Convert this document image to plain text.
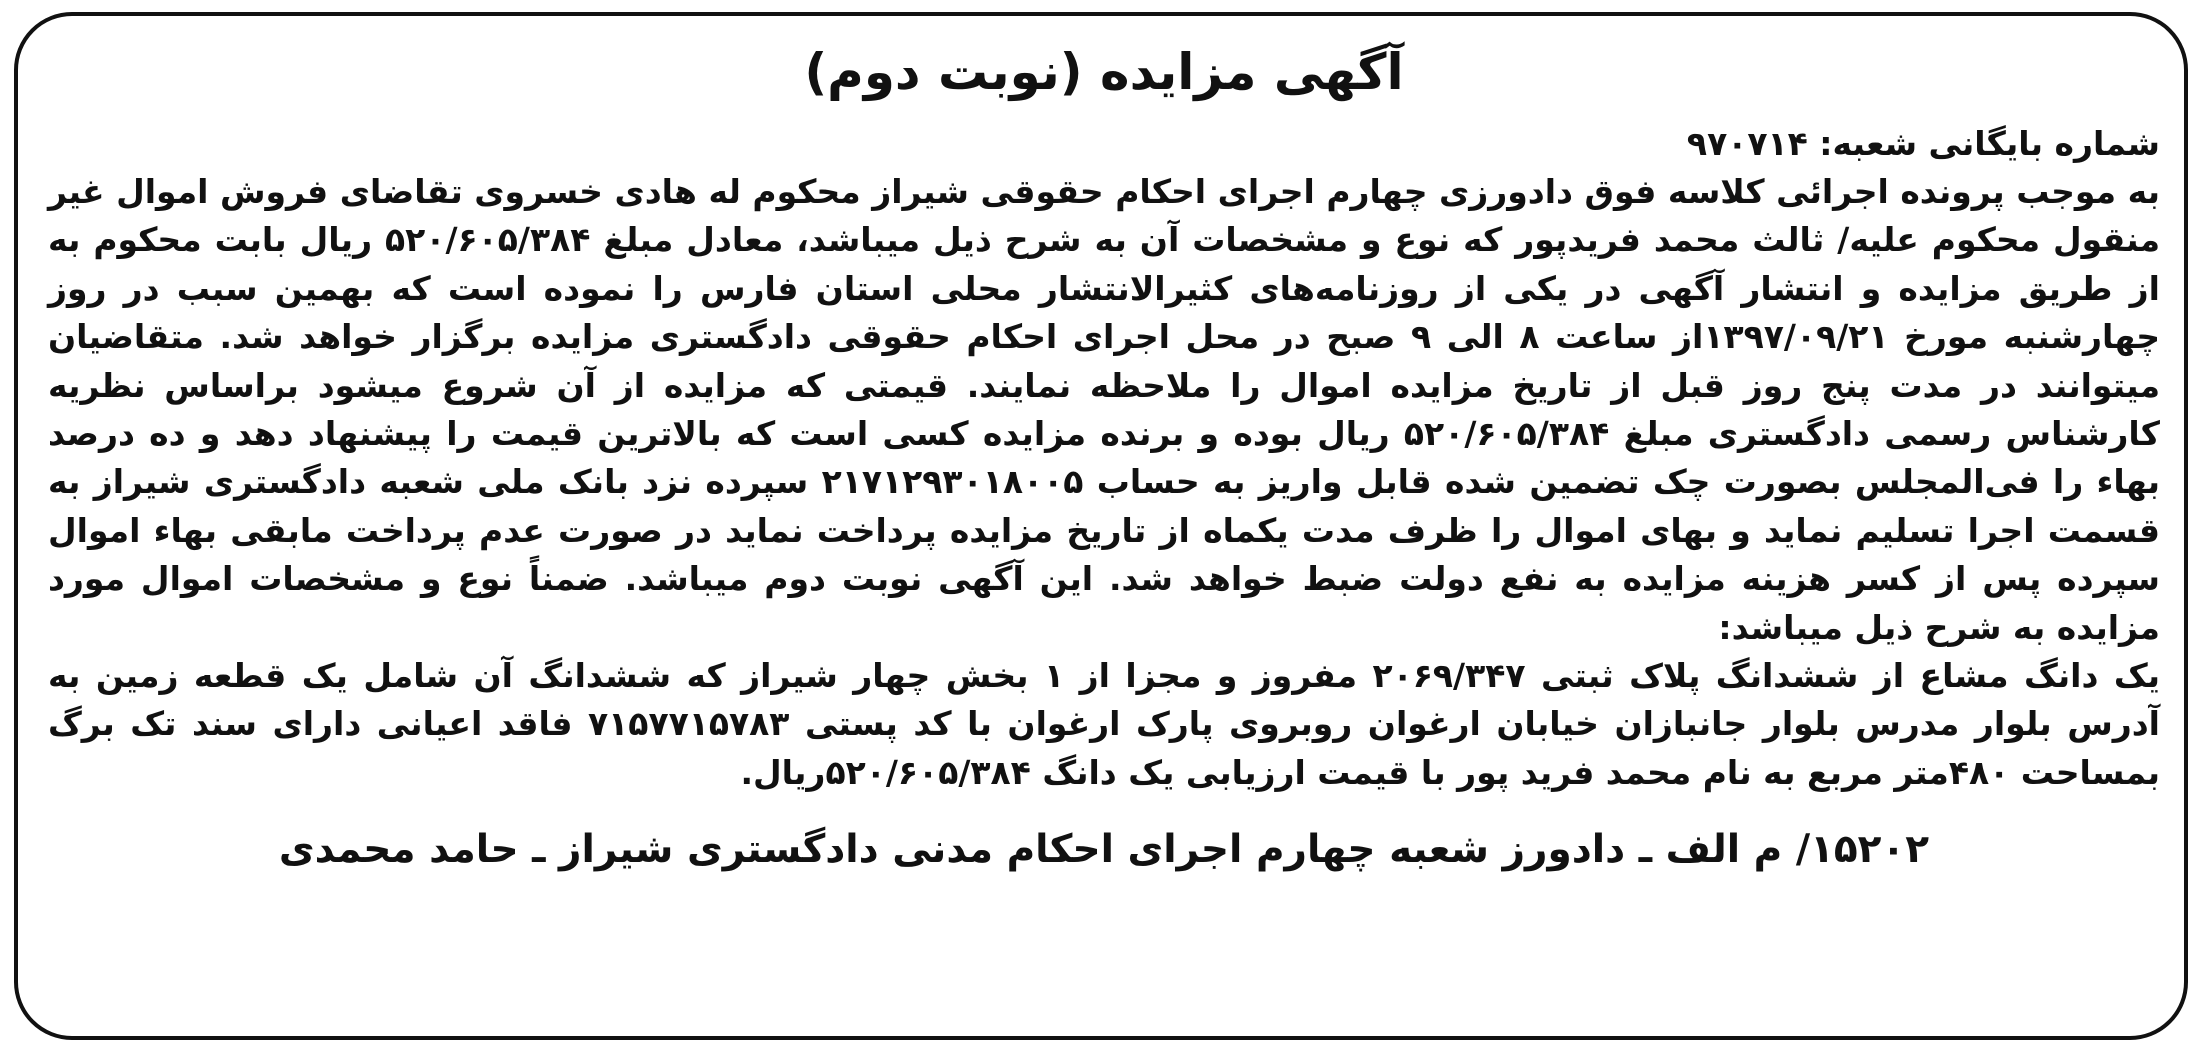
آگهی مزایده (نوبت دوم)

شماره بایگانی شعبه: ۹۷۰۷۱۴

به موجب پرونده اجرائی کلاسه فوق دادورزی چهارم اجرای احکام حقوقی شیراز محکوم له هادی خسروی تقاضای فروش اموال غیر منقول محکوم علیه/ ثالث محمد فریدپور که نوع و مشخصات آن به شرح ذیل میباشد، معادل مبلغ ۵۲۰/۶۰۵/۳۸۴ ریال بابت محکوم به از طریق مزایده و انتشار آگهی در یکی از روزنامه‌های کثیرالانتشار محلی استان فارس را نموده است که بهمین سبب در روز چهارشنبه مورخ ۱۳۹۷/۰۹/۲۱از ساعت ۸ الی ۹ صبح در محل اجرای احکام حقوقی دادگستری مزایده برگزار خواهد شد. متقاضیان میتوانند در مدت پنج روز قبل از تاریخ مزایده اموال را ملاحظه نمایند. قیمتی که مزایده از آن شروع میشود براساس نظریه کارشناس رسمی دادگستری مبلغ ۵۲۰/۶۰۵/۳۸۴ ریال بوده و برنده مزایده کسی است که بالاترین قیمت را پیشنهاد دهد و ده درصد بهاء را فی‌المجلس بصورت چک تضمین شده قابل واریز به حساب ۲۱۷۱۲۹۳۰۱۸۰۰۵ سپرده نزد بانک ملی شعبه دادگستری شیراز به قسمت اجرا تسلیم نماید و بهای اموال را ظرف مدت یکماه از تاریخ مزایده پرداخت نماید در صورت عدم پرداخت مابقی بهاء اموال سپرده پس از کسر هزینه مزایده به نفع دولت ضبط خواهد شد. این آگهی نوبت دوم میباشد. ضمناً نوع و مشخصات اموال مورد مزایده به شرح ذیل میباشد:

یک دانگ مشاع از ششدانگ پلاک ثبتی ۲۰۶۹/۳۴۷ مفروز و مجزا از ۱ بخش چهار شیراز که ششدانگ آن شامل یک قطعه زمین به آدرس بلوار مدرس بلوار جانبازان خیابان ارغوان روبروی پارک ارغوان با کد پستی ۷۱۵۷۷۱۵۷۸۳ فاقد اعیانی دارای سند تک برگ بمساحت ۴۸۰متر مربع به نام محمد فرید پور با قیمت ارزیابی یک دانگ ۵۲۰/۶۰۵/۳۸۴ریال.

۱۵۲۰۲/ م الف ـ دادورز شعبه چهارم اجرای احکام مدنی دادگستری شیراز ـ حامد محمدی
